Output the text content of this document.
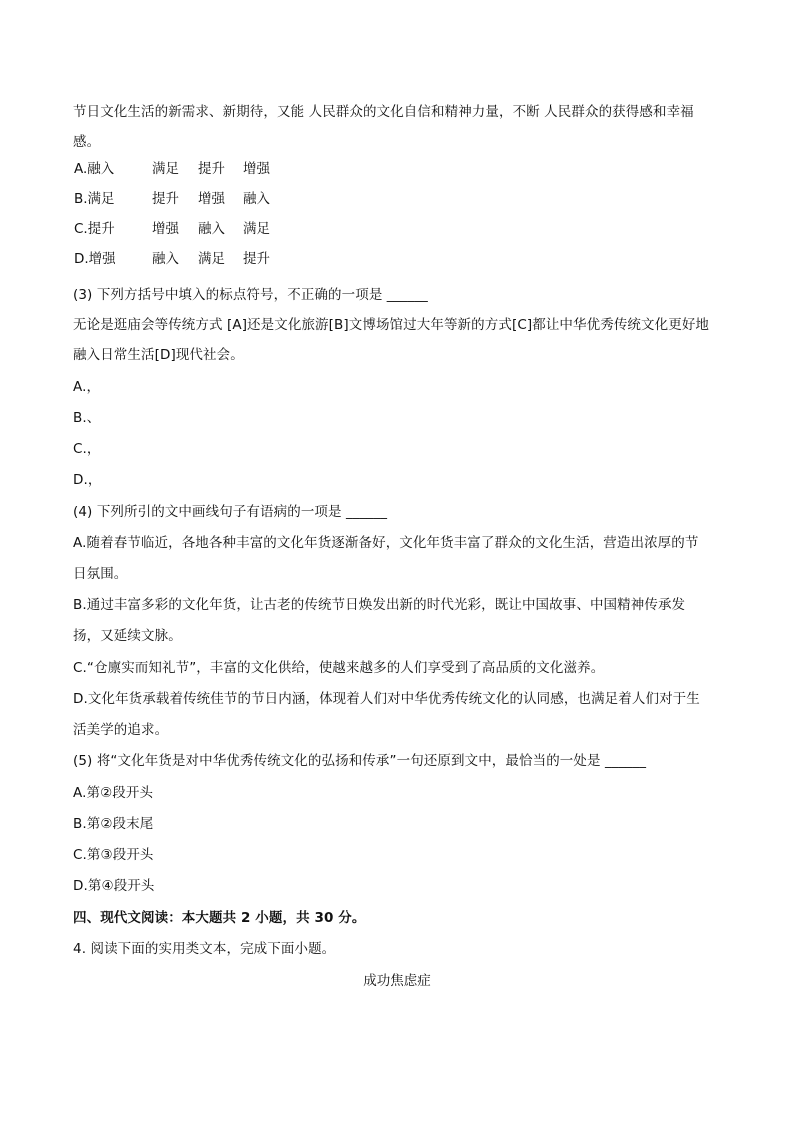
节日文化生活的新需求、新期待，又能 人民群众的文化自信和精神力量，不断 人民群众的获得感和幸福
感。
A.融入	满足 提升 增强
B.满足	提升 增强 融入
C.提升	增强 融入 满足
D.增强	融入 满足 提升
(3) 下列方括号中填入的标点符号，不正确的一项是 ______
无论是逛庙会等传统方式 [A]还是文化旅游[B]文博场馆过大年等新的方式[C]都让中华优秀传统文化更好地
融入日常生活[D]现代社会。
A.，
B.、
C.，
D.，
(4) 下列所引的文中画线句子有语病的一项是 ______
A.随着春节临近，各地各种丰富的文化年货逐渐备好，文化年货丰富了群众的文化生活，营造出浓厚的节
日氛围。
B.通过丰富多彩的文化年货，让古老的传统节日焕发出新的时代光彩，既让中国故事、中国精神传承发
扬，又延续文脉。
C.“仓廪实而知礼节”，丰富的文化供给，使越来越多的人们享受到了高品质的文化滋养。
D.文化年货承载着传统佳节的节日内涵，体现着人们对中华优秀传统文化的认同感，也满足着人们对于生
活美学的追求。
(5) 将“文化年货是对中华优秀传统文化的弘扬和传承”一句还原到文中，最恰当的一处是 ______
A.第②段开头
B.第②段末尾
C.第③段开头
D.第④段开头
四、现代文阅读：本大题共 2 小题，共 30 分。
4. 阅读下面的实用类文本，完成下面小题。
成功焦虑症
